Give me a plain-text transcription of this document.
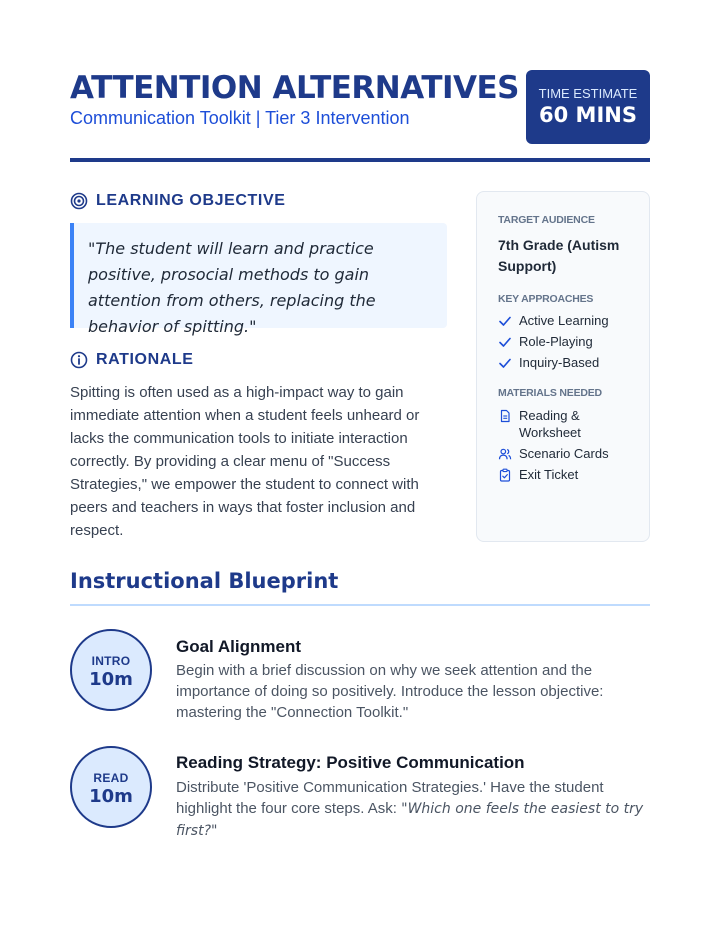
ATTENTION ALTERNATIVES
Communication Toolkit | Tier 3 Intervention
TIME ESTIMATE
60 MINS
LEARNING OBJECTIVE
"The student will learn and practice positive, prosocial methods to gain attention from others, replacing the behavior of spitting."
RATIONALE
Spitting is often used as a high-impact way to gain immediate attention when a student feels unheard or lacks the communication tools to initiate interaction correctly. By providing a clear menu of "Success Strategies," we empower the student to connect with peers and teachers in ways that foster inclusion and respect.
TARGET AUDIENCE
7th Grade (Autism Support)
KEY APPROACHES
Active Learning
Role-Playing
Inquiry-Based
MATERIALS NEEDED
Reading & Worksheet
Scenario Cards
Exit Ticket
Instructional Blueprint
INTRO
10m
Goal Alignment
Begin with a brief discussion on why we seek attention and the importance of doing so positively. Introduce the lesson objective: mastering the "Connection Toolkit."
READ
10m
Reading Strategy: Positive Communication
Distribute 'Positive Communication Strategies.' Have the student highlight the four core steps. Ask: "Which one feels the easiest to try first?"
